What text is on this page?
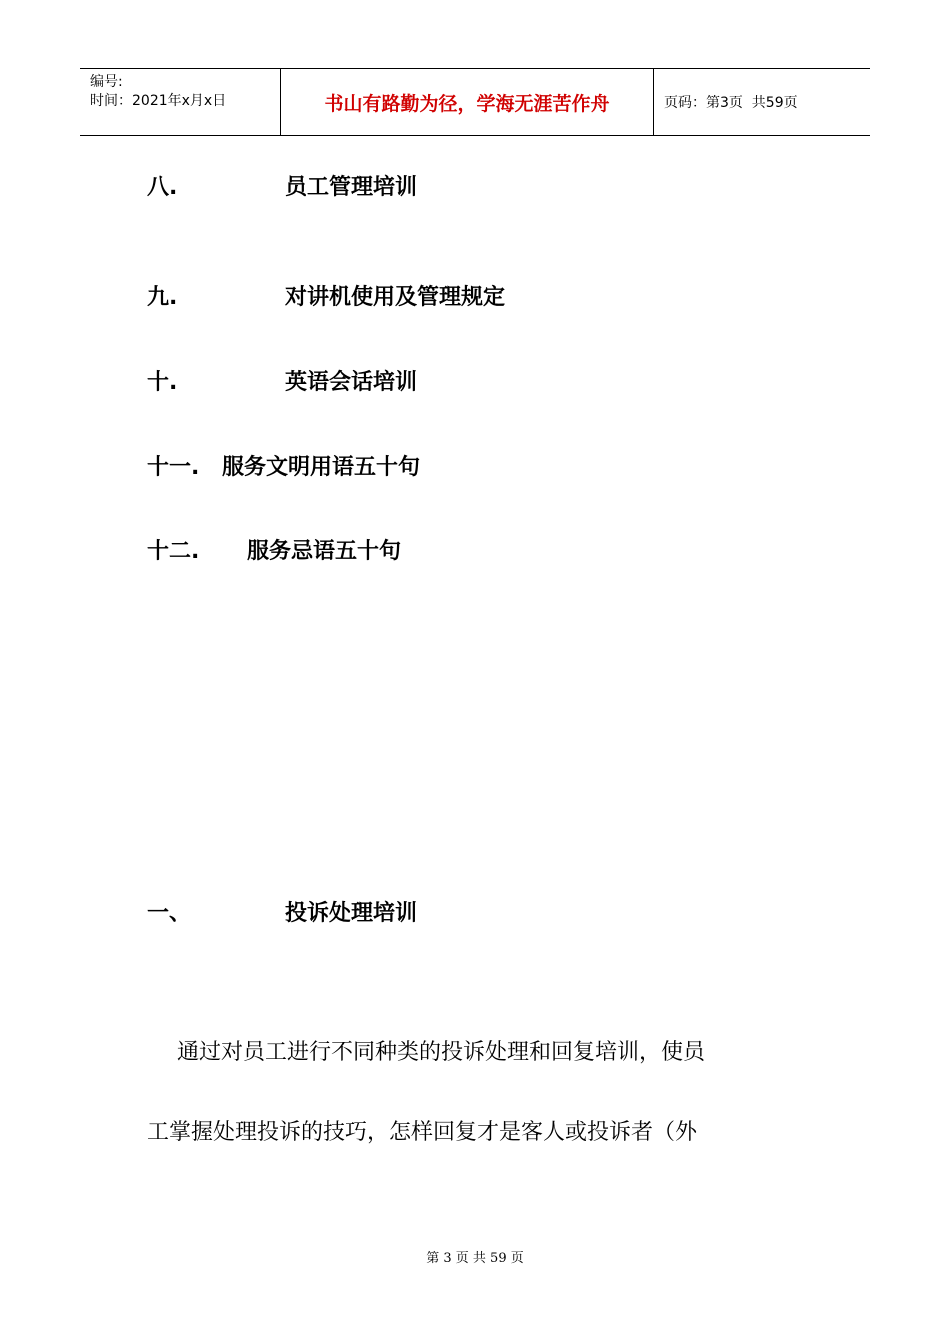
编号:
时间：2021年x月x日	书山有路勤为径，学海无涯苦作舟	页码：第3页  共59页
八.	员工管理培训
九.	对讲机使用及管理规定
十.	英语会话培训
十一. 服务文明用语五十句
十二. 服务忌语五十句
一、	投诉处理培训
通过对员工进行不同种类的投诉处理和回复培训，使员
工掌握处理投诉的技巧，怎样回复才是客人或投诉者（外
第 3 页 共 59 页
